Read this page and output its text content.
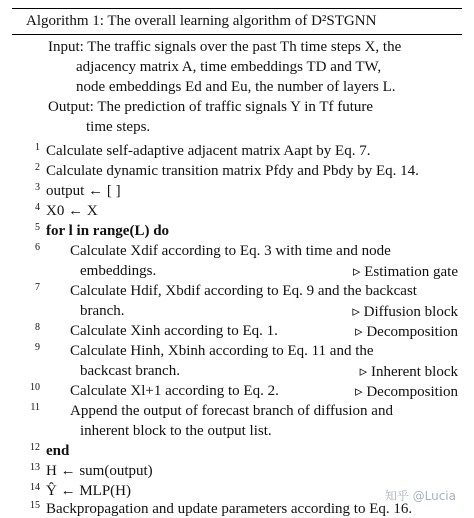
Algorithm 1: The overall learning algorithm of D²STGNN
Input: The traffic signals over the past Th time steps X, the
adjacency matrix A, time embeddings TD and TW,
node embeddings Ed and Eu, the number of layers L.
Output: The prediction of traffic signals Y in Tf future
time steps.
1 Calculate self-adaptive adjacent matrix Aapt by Eq. 7.
2 Calculate dynamic transition matrix Pfdy and Pbdy by Eq. 14.
3 output ← [ ]
4 X0 ← X
5 for l in range(L) do
6 Calculate Xdif according to Eq. 3 with time and node
embeddings.	▹ Estimation gate
7 Calculate Hdif, Xbdif according to Eq. 9 and the backcast
branch.	▹ Diffusion block
8 Calculate Xinh according to Eq. 1.	▹ Decomposition
9 Calculate Hinh, Xbinh according to Eq. 11 and the
backcast branch.	▹ Inherent block
10 Calculate Xl+1 according to Eq. 2.	▹ Decomposition
11 Append the output of forecast branch of diffusion and
inherent block to the output list.
12 end
13 H ← sum(output)
14 Ŷ ← MLP(H)
15 Backpropagation and update parameters according to Eq. 16.
知乎 @Lucia
